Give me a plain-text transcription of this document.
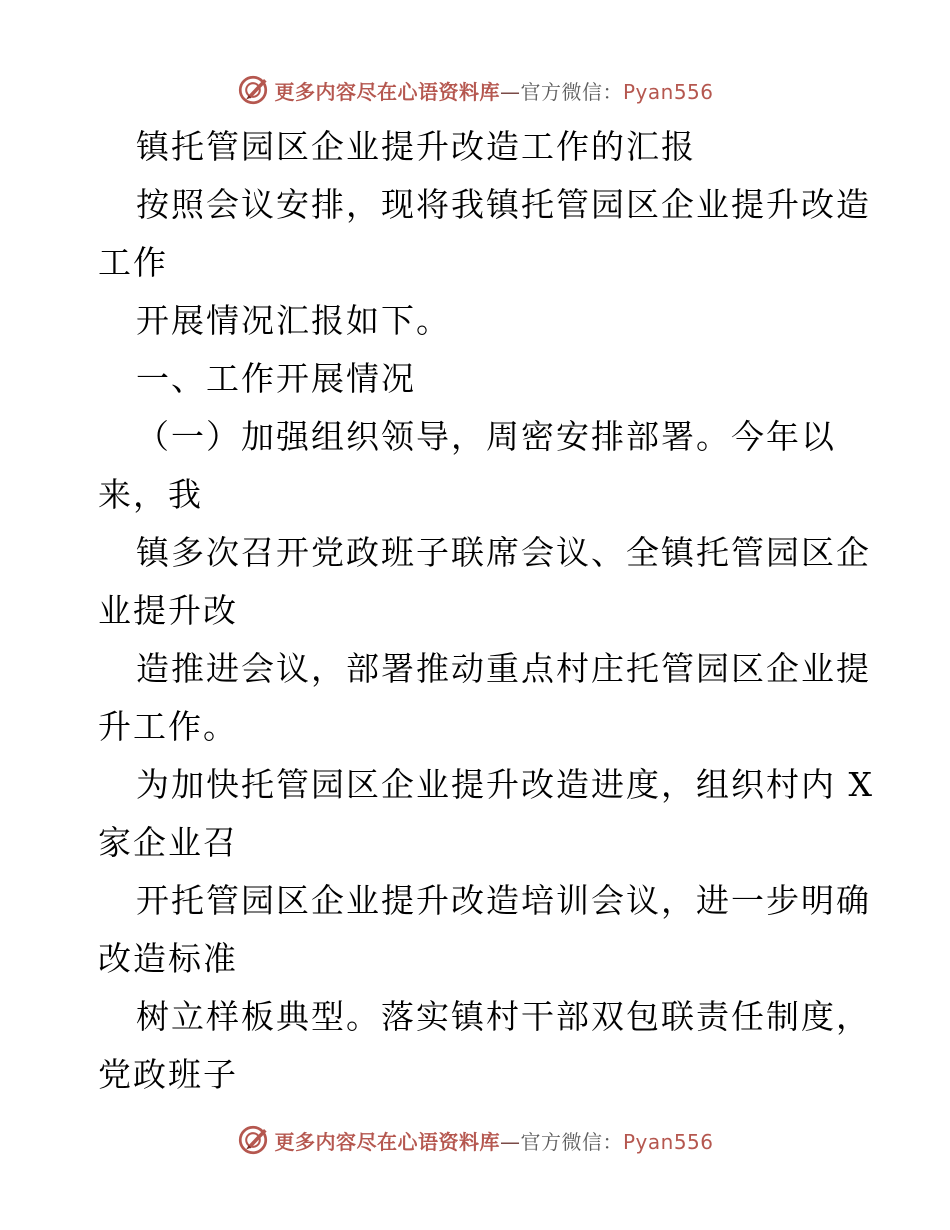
更多内容尽在心语资料库—官方微信：Pyan556
镇托管园区企业提升改造工作的汇报
按照会议安排，现将我镇托管园区企业提升改造
工作
开展情况汇报如下。
一、工作开展情况
（一）加强组织领导，周密安排部署。今年以
来，我
镇多次召开党政班子联席会议、全镇托管园区企
业提升改
造推进会议，部署推动重点村庄托管园区企业提
升工作。
为加快托管园区企业提升改造进度，组织村内 X
家企业召
开托管园区企业提升改造培训会议，进一步明确
改造标准
树立样板典型。落实镇村干部双包联责任制度，
党政班子
更多内容尽在心语资料库—官方微信：Pyan556
